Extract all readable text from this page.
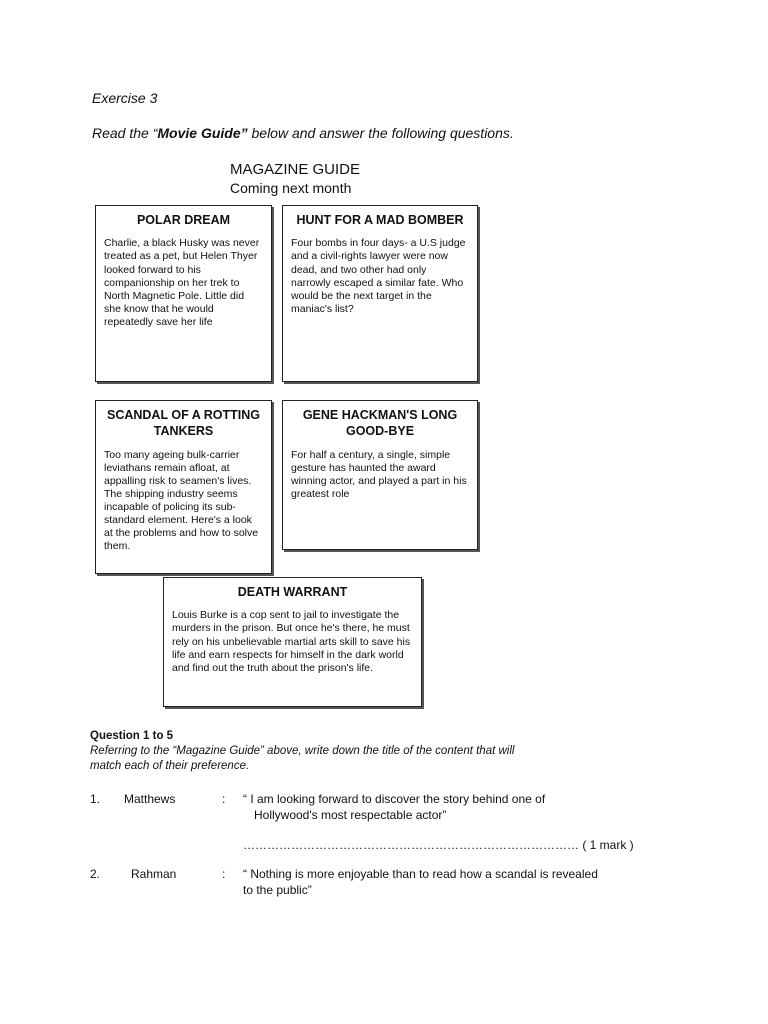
Exercise 3
Read the “Movie Guide” below and answer the following questions.
MAGAZINE GUIDE
Coming next month
POLAR DREAM

Charlie, a black Husky was never treated as a pet, but Helen Thyer looked forward to his companionship on her trek to North Magnetic Pole. Little did she know that he would repeatedly save her life

HUNT FOR A MAD BOMBER

Four bombs in four days- a U.S judge and a civil-rights lawyer were now dead, and two other had only narrowly escaped a similar fate. Who would be the next target in the maniac's list?

SCANDAL OF A ROTTING TANKERS

Too many ageing bulk-carrier leviathans remain afloat, at appalling risk to seamen's lives. The shipping industry seems incapable of policing its sub-standard element. Here's a look at the problems and how to solve them.

GENE HACKMAN'S LONG GOOD-BYE

For half a century, a single, simple gesture has haunted the award winning actor, and played a part in his greatest role

DEATH WARRANT

Louis Burke is a cop sent to jail to investigate the murders in the prison. But once he's there, he must rely on his unbelievable martial arts skill to save his life and earn respects for himself in the dark world and find out the truth about the prison's life.

Question 1 to 5
Referring to the “Magazine Guide” above, write down the title of the content that will match each of their preference.
1. Matthews	: “ I am looking forward to discover the story behind one of
Hollywood's most respectable actor”
………………………………………………………………………… ( 1 mark )
2.	Rahman	: “ Nothing is more enjoyable than to read how a scandal is revealed
to the public”
